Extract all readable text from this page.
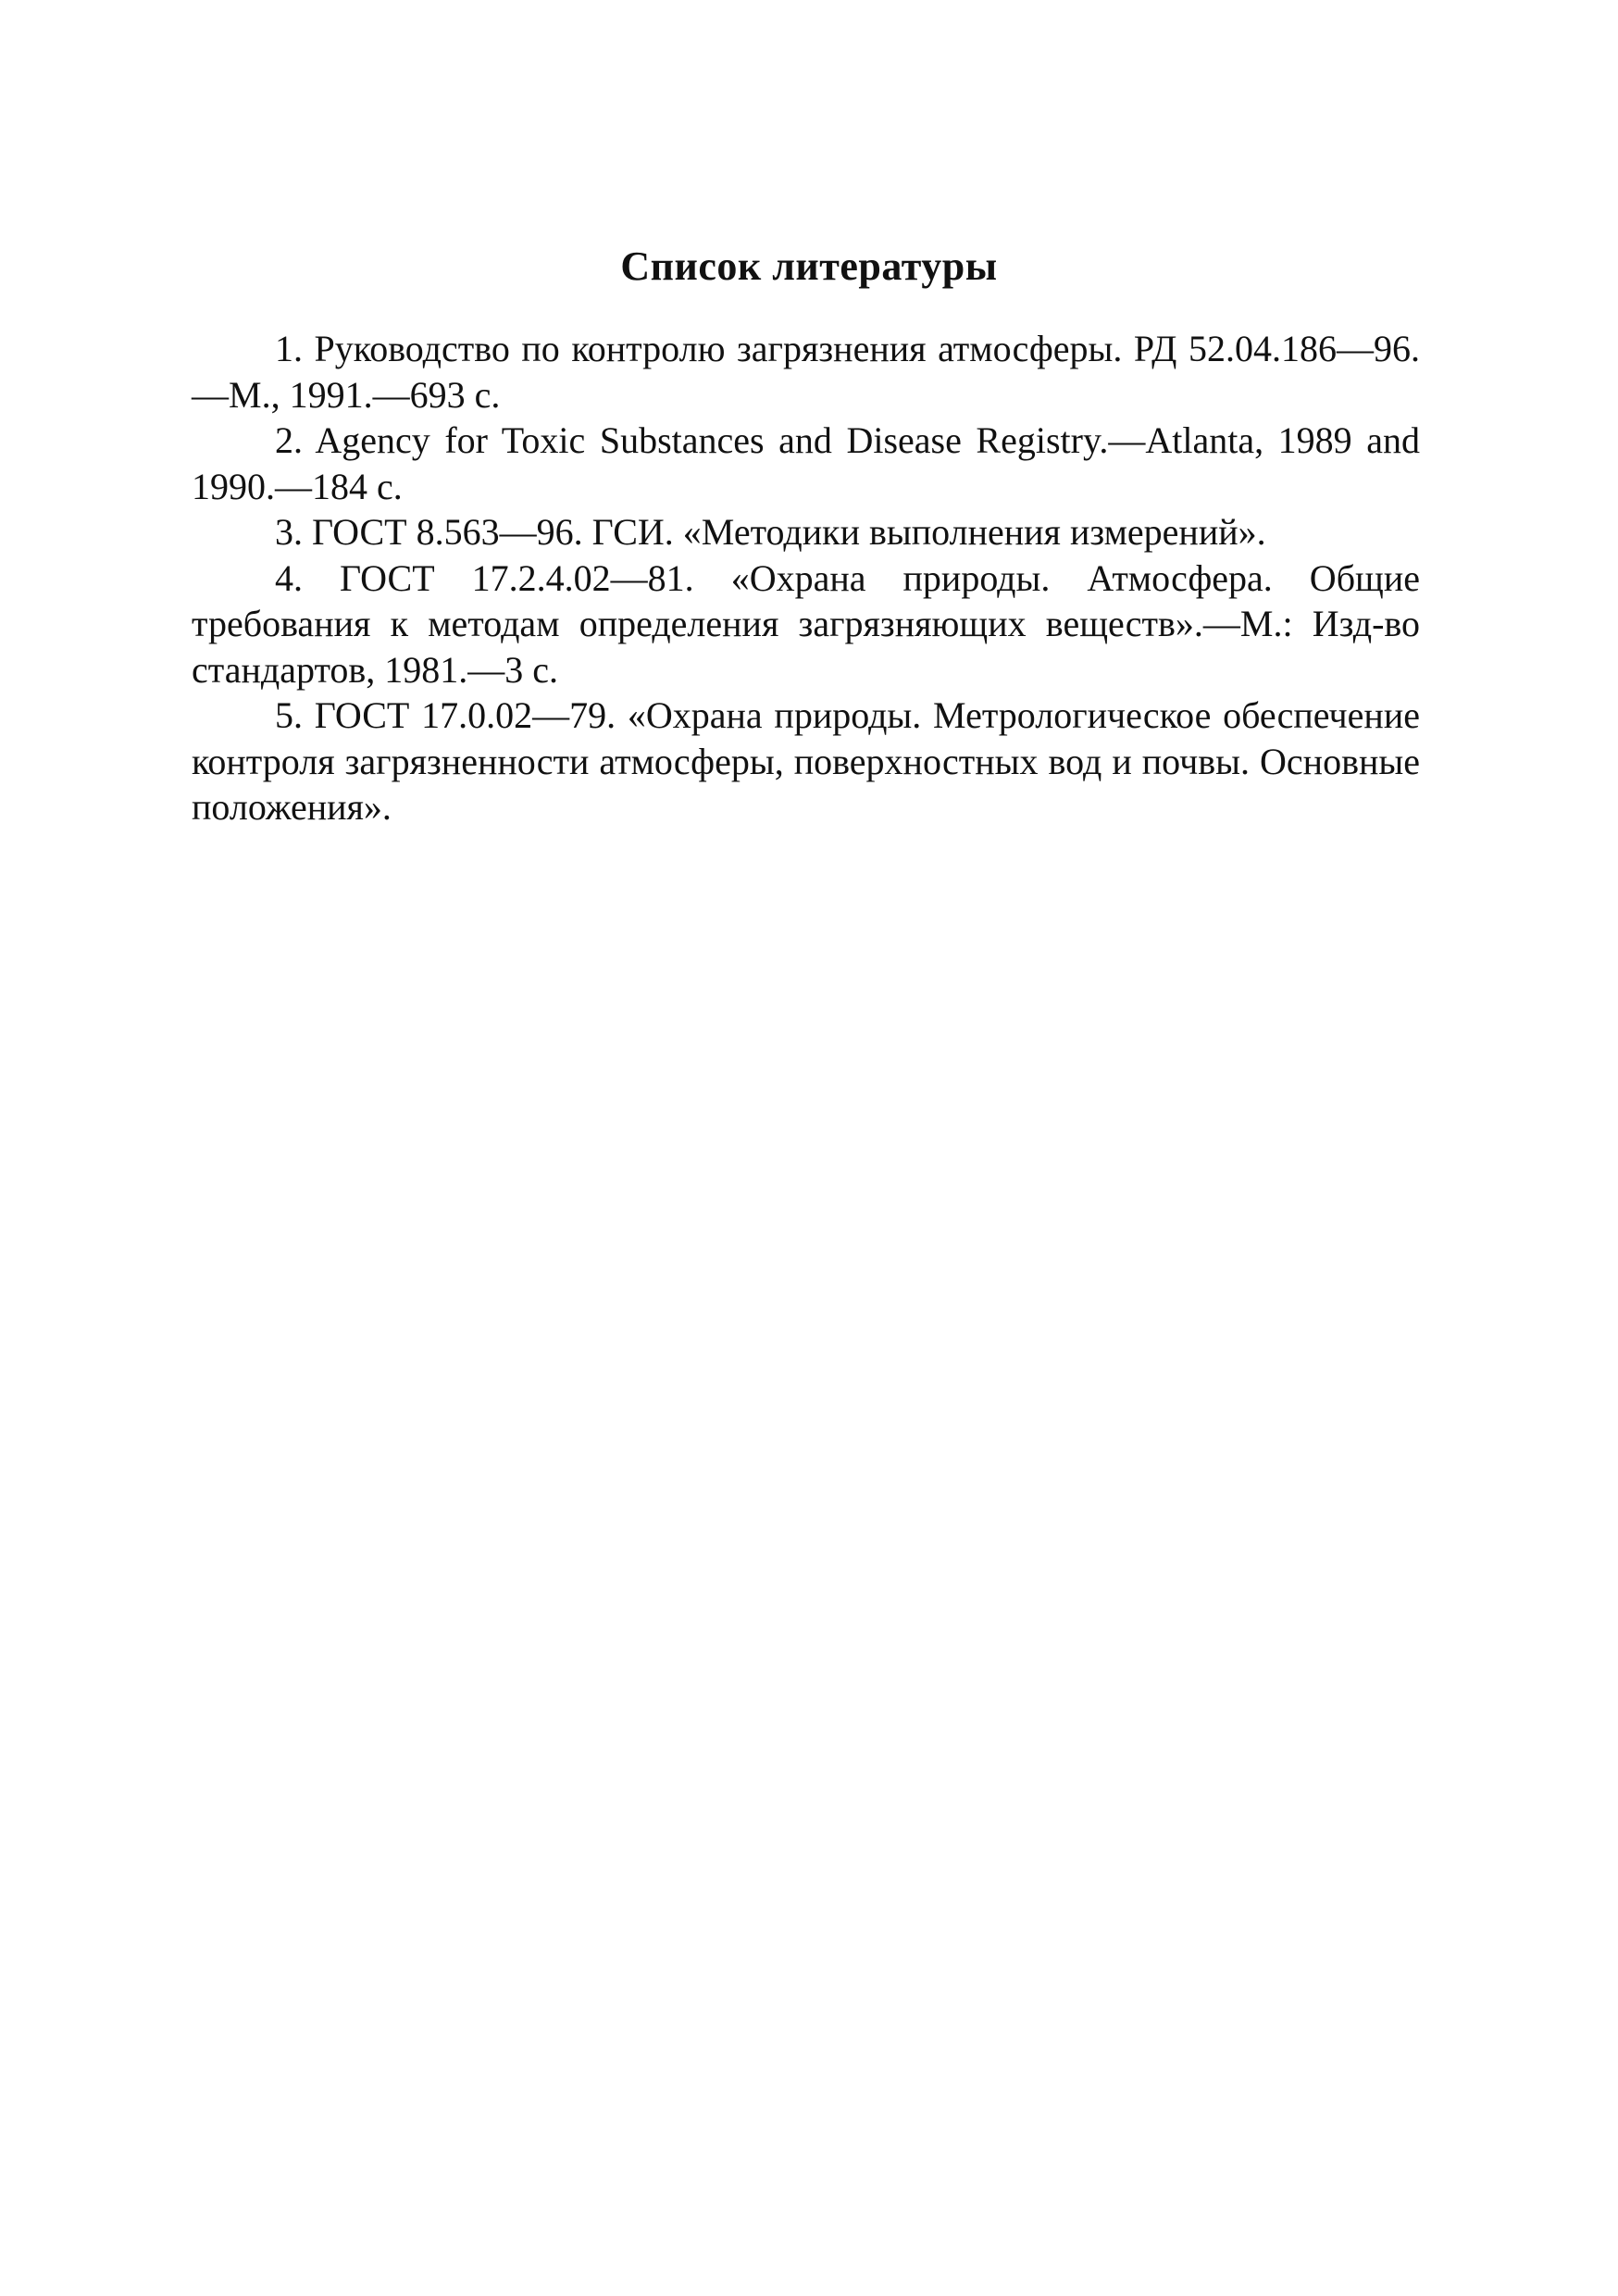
Список литературы

1. Руководство по контролю загрязнения атмосферы. РД 52.04.186—96.—М., 1991.—693 с.

2. Agency for Toxic Substances and Disease Registry.—Atlanta, 1989 and 1990.—184 с.

3. ГОСТ 8.563—96. ГСИ. «Методики выполнения измерений».

4. ГОСТ 17.2.4.02—81. «Охрана природы. Атмосфера. Общие требования к методам определения загрязняющих веществ».—М.: Изд-во стандартов, 1981.—3 с.

5. ГОСТ 17.0.02—79. «Охрана природы. Метрологическое обеспечение контроля загрязненности атмосферы, поверхностных вод и почвы. Основные положения».
